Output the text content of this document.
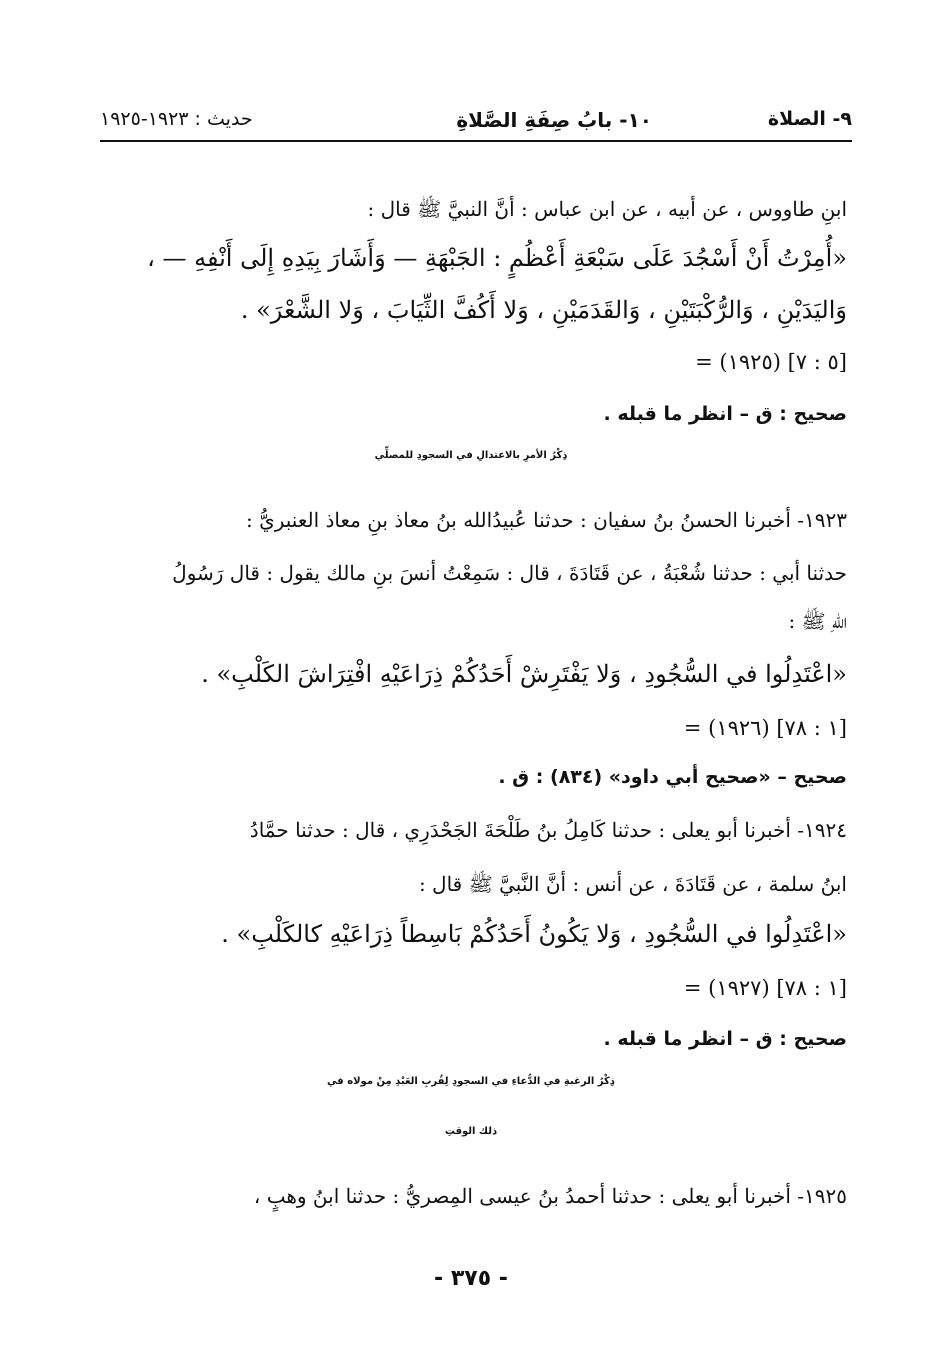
٩- الصلاة
١٠- بابُ صِفَةِ الصَّلاةِ
حديث : ١٩٢٣-١٩٢٥
ابنِ طاووس ، عن أبيه ، عن ابن عباس : أنَّ النبيَّ ﷺ قال :
«أُمِرْتُ أَنْ أَسْجُدَ عَلَى سَبْعَةِ أَعْظُمٍ : الجَبْهَةِ — وَأَشَارَ بِيَدِهِ إِلَى أَنْفِهِ — ،
وَاليَدَيْنِ ، وَالرُّكْبَتَيْنِ ، وَالقَدَمَيْنِ ، وَلا أَكُفَّ الثِّيَابَ ، وَلا الشَّعْرَ» .
= (١٩٢٥) [٥ : ٧]
صحيح : ق – انظر ما قبله .
ذِكْرُ الأمرِ بالاعتدالِ في السجودِ للمصلِّي
١٩٢٣- أخبرنا الحسنُ بنُ سفيان : حدثنا عُبيدُالله بنُ معاذ بنِ معاذ العنبريُّ :
حدثنا أبي : حدثنا شُعْبَةُ ، عن قَتَادَةَ ، قال : سَمِعْتُ أنسَ بنِ مالك يقول : قال رَسُولُ
اللهِ ﷺ :
«اعْتَدِلُوا في السُّجُودِ ، وَلا يَفْتَرِشْ أَحَدُكُمْ ذِرَاعَيْهِ افْتِرَاشَ الكَلْبِ» .
= (١٩٢٦) [١ : ٧٨]
صحيح – «صحيح أبي داود» (٨٣٤) : ق .
١٩٢٤- أخبرنا أبو يعلى : حدثنا كَامِلُ بنُ طَلْحَةَ الجَحْدَرِي ، قال : حدثنا حمَّادُ
ابنُ سلمة ، عن قَتَادَةَ ، عن أنس : أنَّ النَّبيَّ ﷺ قال :
«اعْتَدِلُوا في السُّجُودِ ، وَلا يَكُونُ أَحَدُكُمْ بَاسِطاً ذِرَاعَيْهِ كالكَلْبِ» .
= (١٩٢٧) [١ : ٧٨]
صحيح : ق – انظر ما قبله .
ذِكْرُ الرغبةِ في الدُّعاءِ في السجودِ لِقُربِ العَبْدِ مِنْ مولاه في
ذلك الوقتِ
١٩٢٥- أخبرنا أبو يعلى : حدثنا أحمدُ بنُ عيسى المِصريُّ : حدثنا ابنُ وهبٍ ،
- ٣٧٥ -
